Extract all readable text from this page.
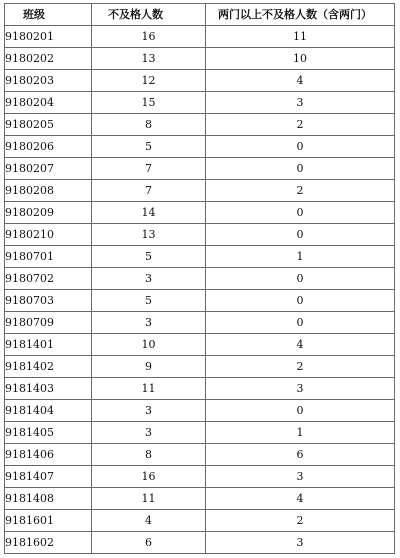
班级	不及格人数	两门以上不及格人数（含两门）
9180201	16	11
9180202	13	10
9180203	12	4
9180204	15	3
9180205	8	2
9180206	5	0
9180207	7	0
9180208	7	2
9180209	14	0
9180210	13	0
9180701	5	1
9180702	3	0
9180703	5	0
9180709	3	0
9181401	10	4
9181402	9	2
9181403	11	3
9181404	3	0
9181405	3	1
9181406	8	6
9181407	16	3
9181408	11	4
9181601	4	2
9181602	6	3
